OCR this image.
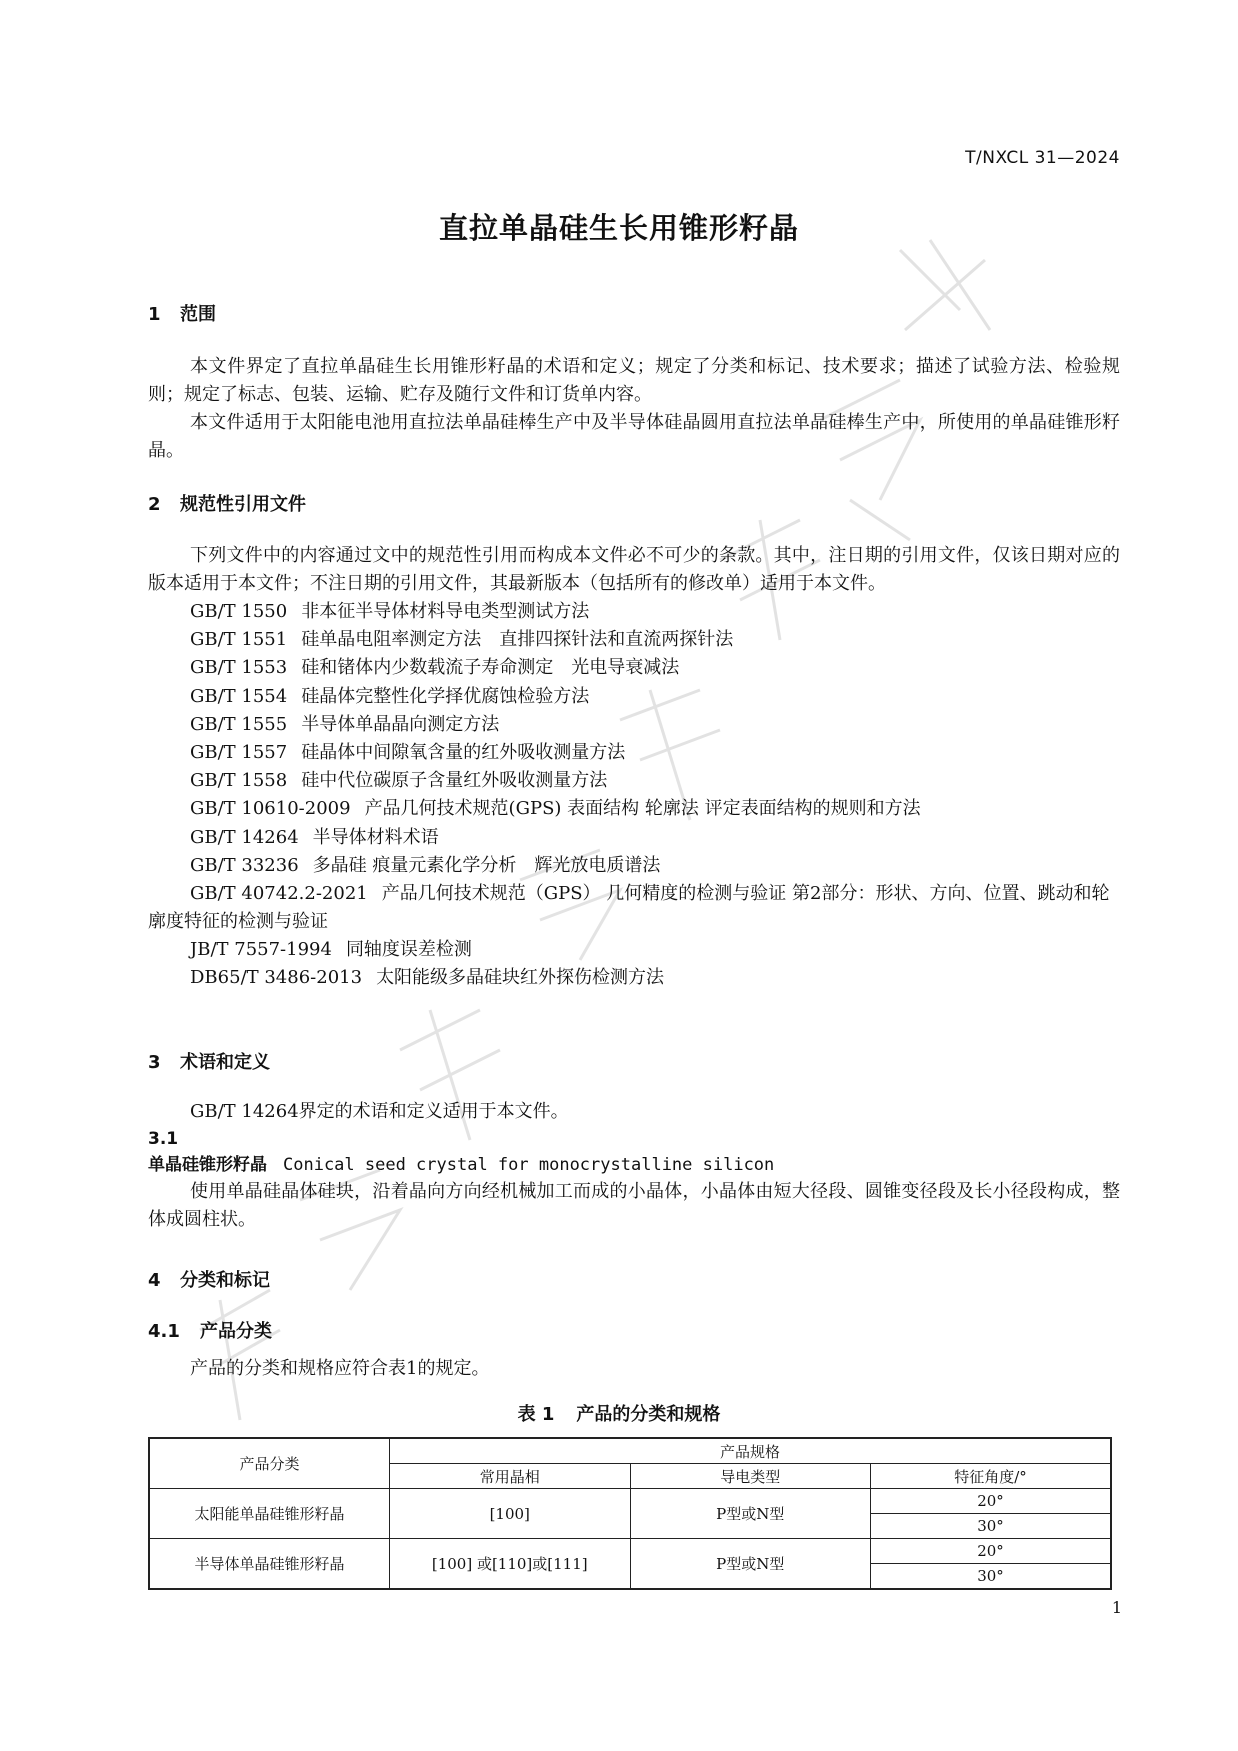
T/NXCL 31—2024
直拉单晶硅生长用锥形籽晶
1 范围
本文件界定了直拉单晶硅生长用锥形籽晶的术语和定义；规定了分类和标记、技术要求；描述了试验方法、检验规则；规定了标志、包装、运输、贮存及随行文件和订货单内容。
本文件适用于太阳能电池用直拉法单晶硅棒生产中及半导体硅晶圆用直拉法单晶硅棒生产中，所使用的单晶硅锥形籽晶。
2 规范性引用文件
下列文件中的内容通过文中的规范性引用而构成本文件必不可少的条款。其中，注日期的引用文件，仅该日期对应的版本适用于本文件；不注日期的引用文件，其最新版本（包括所有的修改单）适用于本文件。
GB/T 1550 非本征半导体材料导电类型测试方法
GB/T 1551 硅单晶电阻率测定方法　直排四探针法和直流两探针法
GB/T 1553 硅和锗体内少数载流子寿命测定　光电导衰减法
GB/T 1554 硅晶体完整性化学择优腐蚀检验方法
GB/T 1555 半导体单晶晶向测定方法
GB/T 1557 硅晶体中间隙氧含量的红外吸收测量方法
GB/T 1558 硅中代位碳原子含量红外吸收测量方法
GB/T 10610-2009 产品几何技术规范(GPS) 表面结构 轮廓法 评定表面结构的规则和方法
GB/T 14264 半导体材料术语
GB/T 33236 多晶硅 痕量元素化学分析　辉光放电质谱法
GB/T 40742.2-2021 产品几何技术规范（GPS） 几何精度的检测与验证 第2部分：形状、方向、位置、跳动和轮廓度特征的检测与验证
JB/T 7557-1994 同轴度误差检测
DB65/T 3486-2013 太阳能级多晶硅块红外探伤检测方法
3 术语和定义
GB/T 14264界定的术语和定义适用于本文件。
3.1
单晶硅锥形籽晶 Conical seed crystal for monocrystalline silicon
使用单晶硅晶体硅块，沿着晶向方向经机械加工而成的小晶体，小晶体由短大径段、圆锥变径段及长小径段构成，整体成圆柱状。
4 分类和标记
4.1 产品分类
产品的分类和规格应符合表1的规定。
表 1 产品的分类和规格
产品分类	产品规格		
	常用晶相	导电类型	特征角度/°
太阳能单晶硅锥形籽晶	[100]	P型或N型	20°
			30°
半导体单晶硅锥形籽晶	[100] 或[110]或[111]	P型或N型	20°
			30°
1
